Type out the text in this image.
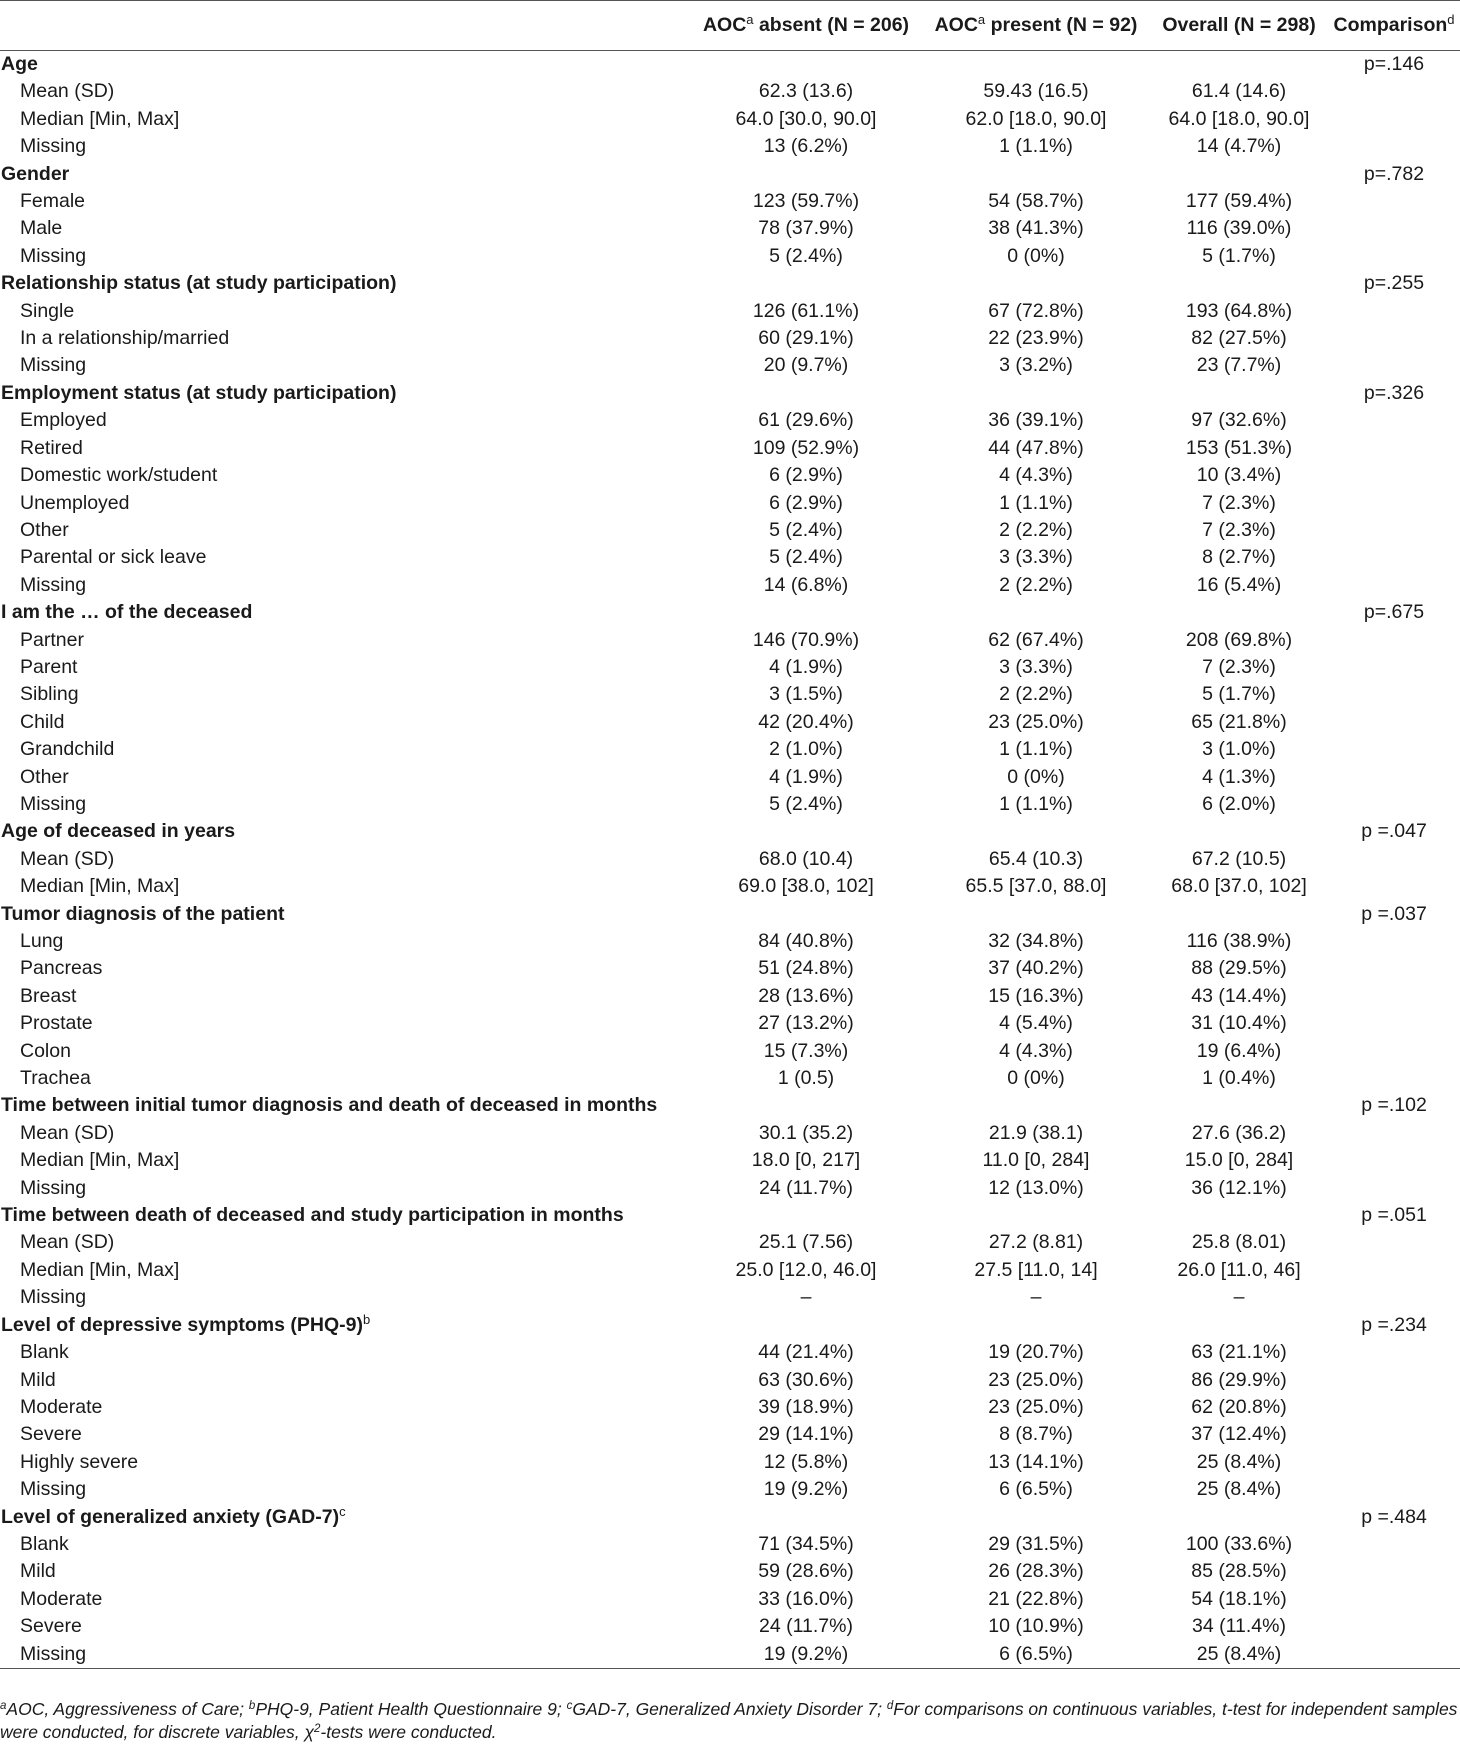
	AOC$^a$ absent (N = 206)	AOC$^a$ present (N = 92)	Overall (N = 298)	Comparison$^d$
Age				p=.146
Mean (SD)	62.3 (13.6)	59.43 (16.5)	61.4 (14.6)	
Median [Min, Max]	64.0 [30.0, 90.0]	62.0 [18.0, 90.0]	64.0 [18.0, 90.0]	
Missing	13 (6.2%)	1 (1.1%)	14 (4.7%)	
Gender				p=.782
Female	123 (59.7%)	54 (58.7%)	177 (59.4%)	
Male	78 (37.9%)	38 (41.3%)	116 (39.0%)	
Missing	5 (2.4%)	0 (0%)	5 (1.7%)	
Relationship status (at study participation)				p=.255
Single	126 (61.1%)	67 (72.8%)	193 (64.8%)	
In a relationship/married	60 (29.1%)	22 (23.9%)	82 (27.5%)	
Missing	20 (9.7%)	3 (3.2%)	23 (7.7%)	
Employment status (at study participation)				p=.326
Employed	61 (29.6%)	36 (39.1%)	97 (32.6%)	
Retired	109 (52.9%)	44 (47.8%)	153 (51.3%)	
Domestic work/student	6 (2.9%)	4 (4.3%)	10 (3.4%)	
Unemployed	6 (2.9%)	1 (1.1%)	7 (2.3%)	
Other	5 (2.4%)	2 (2.2%)	7 (2.3%)	
Parental or sick leave	5 (2.4%)	3 (3.3%)	8 (2.7%)	
Missing	14 (6.8%)	2 (2.2%)	16 (5.4%)	
I am the … of the deceased				p=.675
Partner	146 (70.9%)	62 (67.4%)	208 (69.8%)	
Parent	4 (1.9%)	3 (3.3%)	7 (2.3%)	
Sibling	3 (1.5%)	2 (2.2%)	5 (1.7%)	
Child	42 (20.4%)	23 (25.0%)	65 (21.8%)	
Grandchild	2 (1.0%)	1 (1.1%)	3 (1.0%)	
Other	4 (1.9%)	0 (0%)	4 (1.3%)	
Missing	5 (2.4%)	1 (1.1%)	6 (2.0%)	
Age of deceased in years				p =.047
Mean (SD)	68.0 (10.4)	65.4 (10.3)	67.2 (10.5)	
Median [Min, Max]	69.0 [38.0, 102]	65.5 [37.0, 88.0]	68.0 [37.0, 102]	
Tumor diagnosis of the patient				p =.037
Lung	84 (40.8%)	32 (34.8%)	116 (38.9%)	
Pancreas	51 (24.8%)	37 (40.2%)	88 (29.5%)	
Breast	28 (13.6%)	15 (16.3%)	43 (14.4%)	
Prostate	27 (13.2%)	4 (5.4%)	31 (10.4%)	
Colon	15 (7.3%)	4 (4.3%)	19 (6.4%)	
Trachea	1 (0.5)	0 (0%)	1 (0.4%)	
Time between initial tumor diagnosis and death of deceased in months				p =.102
Mean (SD)	30.1 (35.2)	21.9 (38.1)	27.6 (36.2)	
Median [Min, Max]	18.0 [0, 217]	11.0 [0, 284]	15.0 [0, 284]	
Missing	24 (11.7%)	12 (13.0%)	36 (12.1%)	
Time between death of deceased and study participation in months				p =.051
Mean (SD)	25.1 (7.56)	27.2 (8.81)	25.8 (8.01)	
Median [Min, Max]	25.0 [12.0, 46.0]	27.5 [11.0, 14]	26.0 [11.0, 46]	
Missing	–	–	–	
Level of depressive symptoms $(PHQ-9)^b$				p =.234
Blank	44 (21.4%)	19 (20.7%)	63 (21.1%)	
Mild	63 (30.6%)	23 (25.0%)	86 (29.9%)	
Moderate	39 (18.9%)	23 (25.0%)	62 (20.8%)	
Severe	29 (14.1%)	8 (8.7%)	37 (12.4%)	
Highly severe	12 (5.8%)	13 (14.1%)	25 (8.4%)	
Missing	19 (9.2%)	6 (6.5%)	25 (8.4%)	
Level of generalized anxiety $(GAD-7)^c$				p =.484
Blank	71 (34.5%)	29 (31.5%)	100 (33.6%)	
Mild	59 (28.6%)	26 (28.3%)	85 (28.5%)	
Moderate	33 (16.0%)	21 (22.8%)	54 (18.1%)	
Severe	24 (11.7%)	10 (10.9%)	34 (11.4%)	
Missing	19 (9.2%)	6 (6.5%)	25 (8.4%)	
$^a$AOC, Aggressiveness of Care; $^b$PHQ-9, Patient Health Questionnaire 9; $^c$GAD-7, Generalized Anxiety Disorder 7; $^d$For comparisons on continuous variables, t-test for independent samples were conducted, for discrete variables, $\chi^2$-tests were conducted.
